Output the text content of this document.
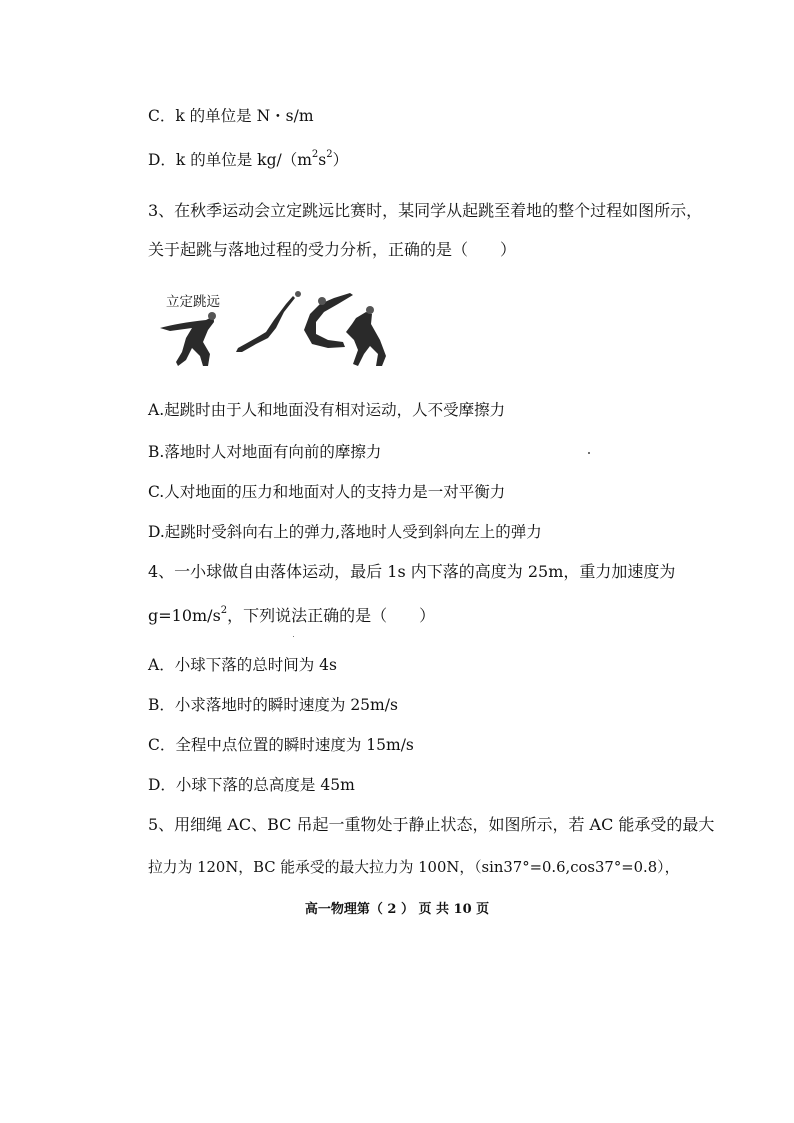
C．k 的单位是 N・s/m
D．k 的单位是 $kg/(m^2s^2)$
3、在秋季运动会立定跳远比赛时，某同学从起跳至着地的整个过程如图所示，
关于起跳与落地过程的受力分析，正确的是（　　）
立定跳远
A.起跳时由于人和地面没有相对运动，人不受摩擦力
B.落地时人对地面有向前的摩擦力
C.人对地面的压力和地面对人的支持力是一对平衡力
D.起跳时受斜向右上的弹力,落地时人受到斜向左上的弹力
4、一小球做自由落体运动，最后 1s 内下落的高度为 25m，重力加速度为
$g=10m/s^2$，下列说法正确的是（　　）
A．小球下落的总时间为 4s
B．小求落地时的瞬时速度为 25m/s
C．全程中点位置的瞬时速度为 15m/s
D．小球下落的总高度是 45m
5、用细绳 AC、BC 吊起一重物处于静止状态，如图所示，若 AC 能承受的最大
拉力为 120N，BC 能承受的最大拉力为 100N，（sin37°=0.6,cos37°=0.8），
高一物理第（ 2 ） 页 共 10 页
